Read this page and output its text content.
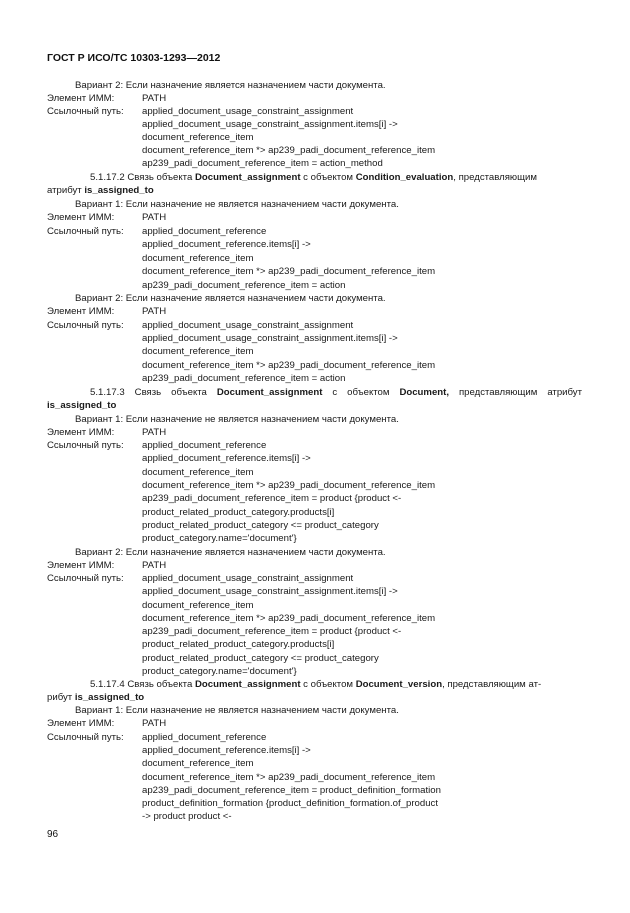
ГОСТ Р ИСО/ТС 10303-1293—2012
Вариант 2: Если назначение является назначением части документа.
Элемент ИММ:	PATH
Ссылочный путь: applied_document_usage_constraint_assignment
applied_document_usage_constraint_assignment.items[i] ->
document_reference_item
document_reference_item *> ap239_padi_document_reference_item
ap239_padi_document_reference_item = action_method
5.1.17.2 Связь объекта Document_assignment с объектом Condition_evaluation, представляющим
атрибут is_assigned_to
Вариант 1: Если назначение не является назначением части документа.
Элемент ИММ:	PATH
Ссылочный путь: applied_document_reference
applied_document_reference.items[i] ->
document_reference_item
document_reference_item *> ap239_padi_document_reference_item
ap239_padi_document_reference_item = action
Вариант 2: Если назначение является назначением части документа.
Элемент ИММ:	PATH
Ссылочный путь: applied_document_usage_constraint_assignment
applied_document_usage_constraint_assignment.items[i] ->
document_reference_item
document_reference_item *> ap239_padi_document_reference_item
ap239_padi_document_reference_item = action
5.1.17.3 Связь объекта Document_assignment с объектом Document, представляющим атрибут
is_assigned_to
Вариант 1: Если назначение не является назначением части документа.
Элемент ИММ:	PATH
Ссылочный путь: applied_document_reference
applied_document_reference.items[i] ->
document_reference_item
document_reference_item *> ap239_padi_document_reference_item
ap239_padi_document_reference_item = product {product <-
product_related_product_category.products[i]
product_related_product_category <= product_category
product_category.name='document'}
Вариант 2: Если назначение является назначением части документа.
Элемент ИММ:	PATH
Ссылочный путь: applied_document_usage_constraint_assignment
applied_document_usage_constraint_assignment.items[i] ->
document_reference_item
document_reference_item *> ap239_padi_document_reference_item
ap239_padi_document_reference_item = product {product <-
product_related_product_category.products[i]
product_related_product_category <= product_category
product_category.name='document'}
5.1.17.4 Связь объекта Document_assignment с объектом Document_version, представляющим ат-
рибут is_assigned_to
Вариант 1: Если назначение не является назначением части документа.
Элемент ИММ:	PATH
Ссылочный путь: applied_document_reference
applied_document_reference.items[i] ->
document_reference_item
document_reference_item *> ap239_padi_document_reference_item
ap239_padi_document_reference_item = product_definition_formation
product_definition_formation {product_definition_formation.of_product
-> product product <-
96
